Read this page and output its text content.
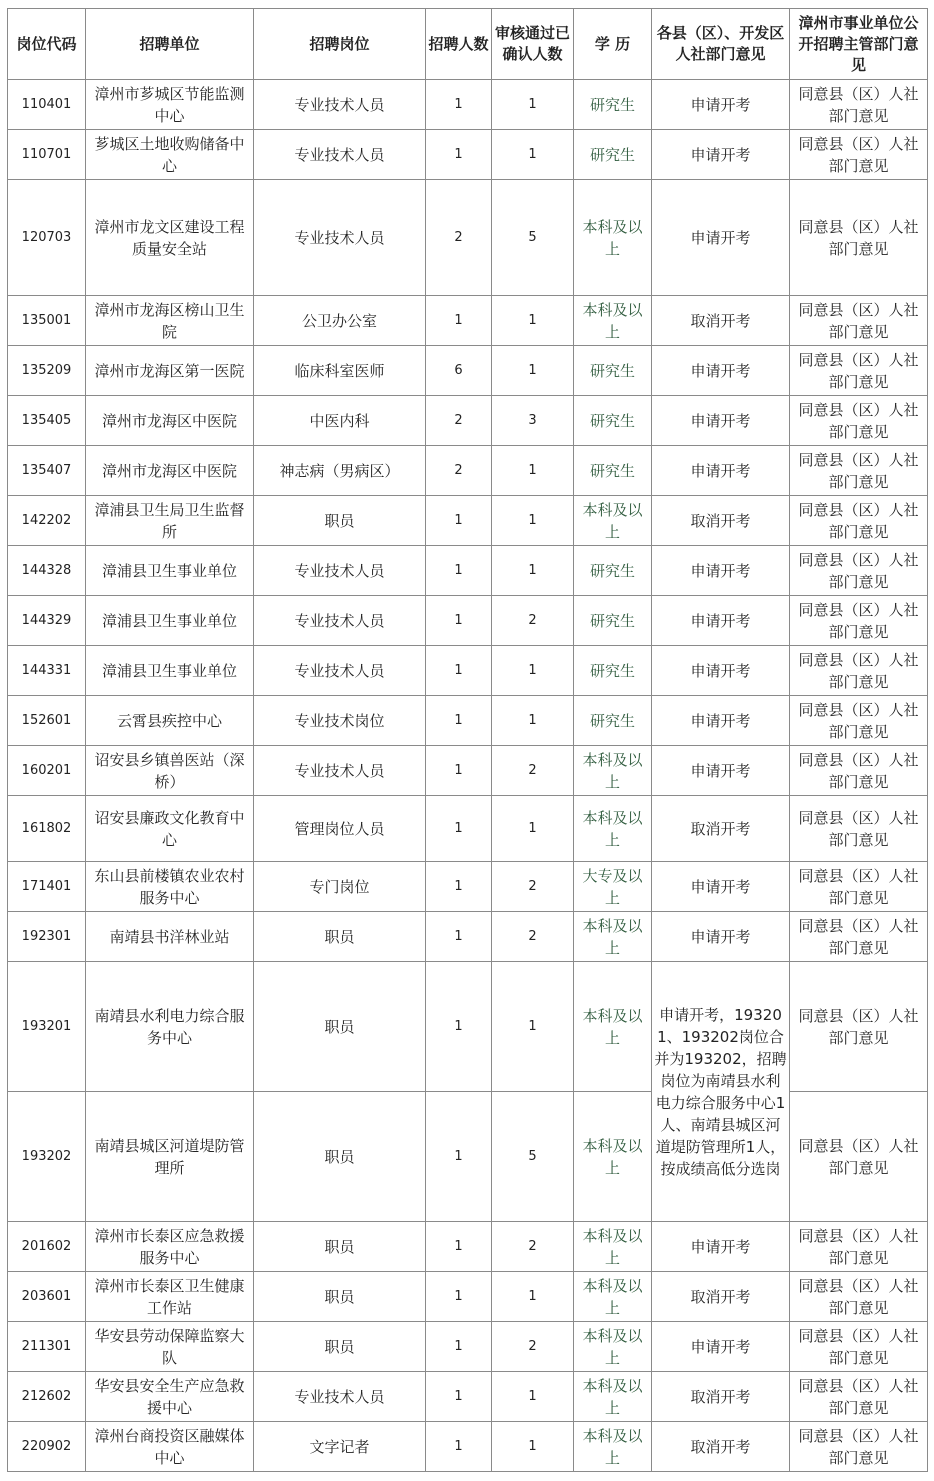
岗位代码	招聘单位	招聘岗位	招聘人数	审核通过已确认人数	学 历	各县（区）、开发区人社部门意见	漳州市事业单位公开招聘主管部门意见
110401	漳州市芗城区节能监测中心	专业技术人员	1	1	研究生	申请开考	同意县（区）人社部门意见
110701	芗城区土地收购储备中心	专业技术人员	1	1	研究生	申请开考	同意县（区）人社部门意见
120703	漳州市龙文区建设工程质量安全站	专业技术人员	2	5	本科及以上	申请开考	同意县（区）人社部门意见
135001	漳州市龙海区榜山卫生院	公卫办公室	1	1	本科及以上	取消开考	同意县（区）人社部门意见
135209	漳州市龙海区第一医院	临床科室医师	6	1	研究生	申请开考	同意县（区）人社部门意见
135405	漳州市龙海区中医院	中医内科	2	3	研究生	申请开考	同意县（区）人社部门意见
135407	漳州市龙海区中医院	神志病（男病区）	2	1	研究生	申请开考	同意县（区）人社部门意见
142202	漳浦县卫生局卫生监督所	职员	1	1	本科及以上	取消开考	同意县（区）人社部门意见
144328	漳浦县卫生事业单位	专业技术人员	1	1	研究生	申请开考	同意县（区）人社部门意见
144329	漳浦县卫生事业单位	专业技术人员	1	2	研究生	申请开考	同意县（区）人社部门意见
144331	漳浦县卫生事业单位	专业技术人员	1	1	研究生	申请开考	同意县（区）人社部门意见
152601	云霄县疾控中心	专业技术岗位	1	1	研究生	申请开考	同意县（区）人社部门意见
160201	诏安县乡镇兽医站（深桥）	专业技术人员	1	2	本科及以上	申请开考	同意县（区）人社部门意见
161802	诏安县廉政文化教育中心	管理岗位人员	1	1	本科及以上	取消开考	同意县（区）人社部门意见
171401	东山县前楼镇农业农村服务中心	专门岗位	1	2	大专及以上	申请开考	同意县（区）人社部门意见
192301	南靖县书洋林业站	职员	1	2	本科及以上	申请开考	同意县（区）人社部门意见
193201	南靖县水利电力综合服务中心	职员	1	1	本科及以上	申请开考，193201、193202岗位合并为193202，招聘岗位为南靖县水利电力综合服务中心1人、南靖县城区河道堤防管理所1人，按成绩高低分选岗	同意县（区）人社部门意见
193202	南靖县城区河道堤防管理所	职员	1	5	本科及以上		同意县（区）人社部门意见
201602	漳州市长泰区应急救援服务中心	职员	1	2	本科及以上	申请开考	同意县（区）人社部门意见
203601	漳州市长泰区卫生健康工作站	职员	1	1	本科及以上	取消开考	同意县（区）人社部门意见
211301	华安县劳动保障监察大队	职员	1	2	本科及以上	申请开考	同意县（区）人社部门意见
212602	华安县安全生产应急救援中心	专业技术人员	1	1	本科及以上	取消开考	同意县（区）人社部门意见
220902	漳州台商投资区融媒体中心	文字记者	1	1	本科及以上	取消开考	同意县（区）人社部门意见
